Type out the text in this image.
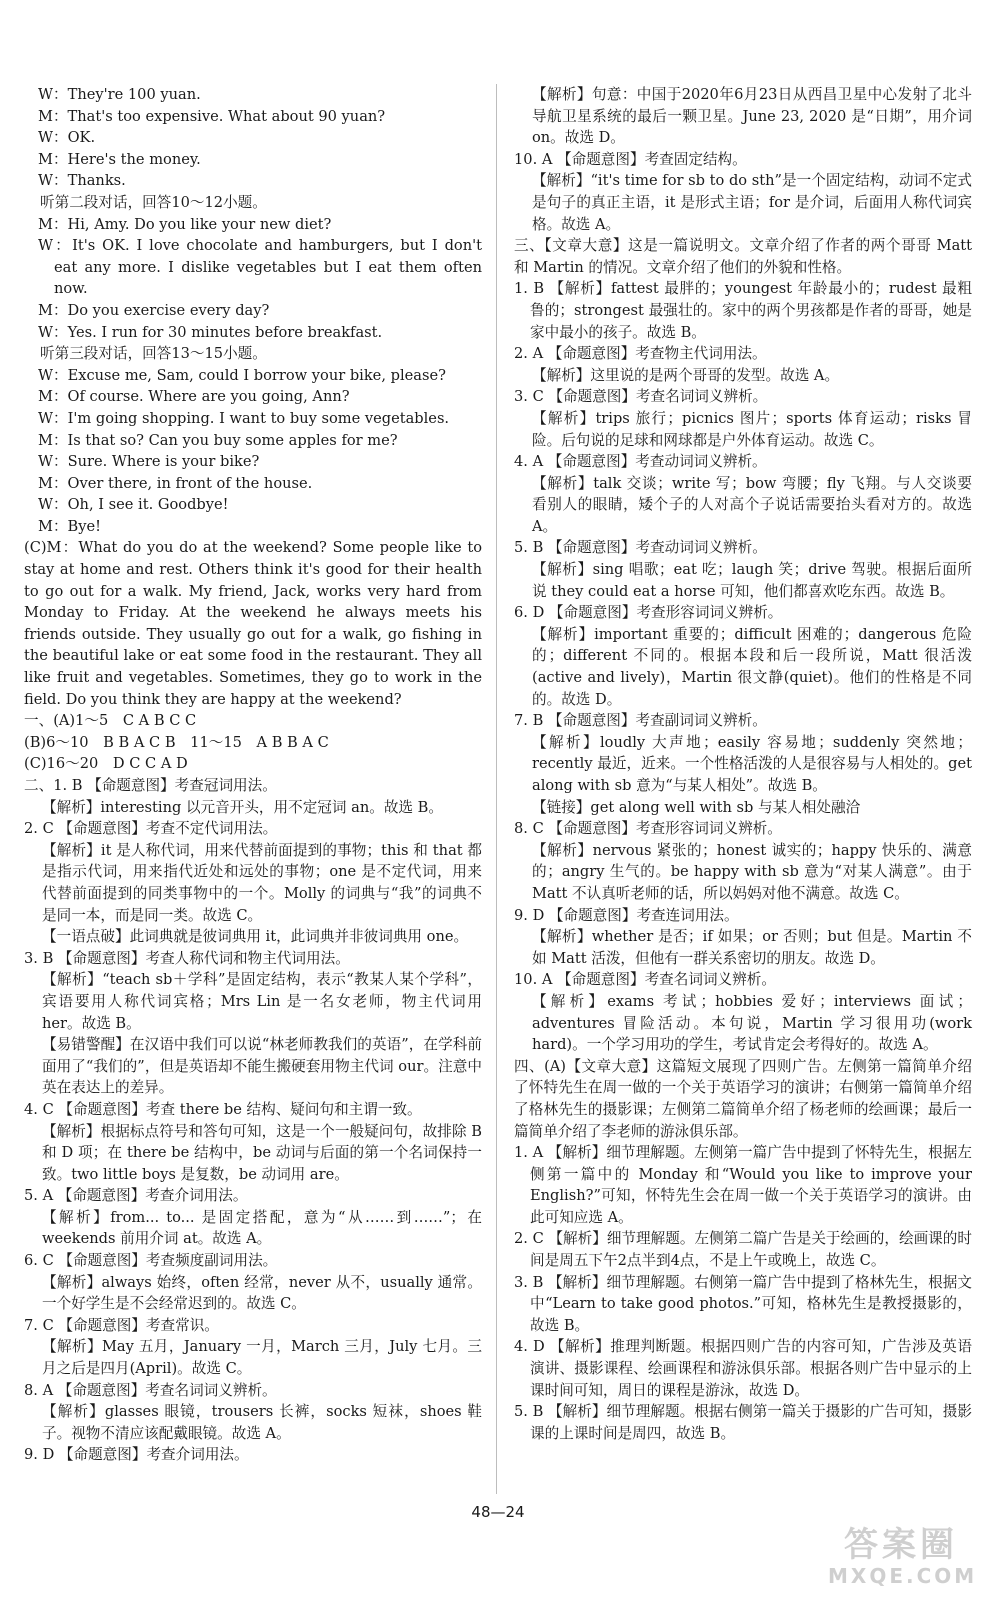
W：They're 100 yuan.

M：That's too expensive. What about 90 yuan?

W：OK.

M：Here's the money.

W：Thanks.

听第二段对话，回答10～12小题。

M：Hi, Amy. Do you like your new diet?

W：It's OK. I love chocolate and hamburgers, but I don't eat any more. I dislike vegetables but I eat them often now.

M：Do you exercise every day?

W：Yes. I run for 30 minutes before breakfast.

听第三段对话，回答13～15小题。

W：Excuse me, Sam, could I borrow your bike, please?

M：Of course. Where are you going, Ann?

W：I'm going shopping. I want to buy some vegetables.

M：Is that so? Can you buy some apples for me?

W：Sure. Where is your bike?

M：Over there, in front of the house.

W：Oh, I see it. Goodbye!

M：Bye!

(C)M：What do you do at the weekend? Some people like to stay at home and rest. Others think it's good for their health to go out for a walk. My friend, Jack, works very hard from Monday to Friday. At the weekend he always meets his friends outside. They usually go out for a walk, go fishing in the beautiful lake or eat some food in the restaurant. They all like fruit and vegetables. Sometimes, they go to work in the field. Do you think they are happy at the weekend?

一、(A)1～5　C A B C C

(B)6～10　B B A C B　11～15　A B B A C

(C)16～20　D C C A D

二、1. B 【命题意图】考查冠词用法。

【解析】interesting 以元音开头，用不定冠词 an。故选 B。

2. C 【命题意图】考查不定代词用法。

【解析】it 是人称代词，用来代替前面提到的事物；this 和 that 都是指示代词，用来指代近处和远处的事物；one 是不定代词，用来代替前面提到的同类事物中的一个。Molly 的词典与“我”的词典不是同一本，而是同一类。故选 C。

【一语点破】此词典就是彼词典用 it，此词典并非彼词典用 one。

3. B 【命题意图】考查人称代词和物主代词用法。

【解析】“teach sb＋学科”是固定结构，表示“教某人某个学科”，宾语要用人称代词宾格；Mrs Lin 是一名女老师，物主代词用 her。故选 B。

【易错警醒】在汉语中我们可以说“林老师教我们的英语”，在学科前面用了“我们的”，但是英语却不能生搬硬套用物主代词 our。注意中英在表达上的差异。

4. C 【命题意图】考查 there be 结构、疑问句和主谓一致。

【解析】根据标点符号和答句可知，这是一个一般疑问句，故排除 B 和 D 项；在 there be 结构中，be 动词与后面的第一个名词保持一致。two little boys 是复数，be 动词用 are。

5. A 【命题意图】考查介词用法。

【解析】from... to... 是固定搭配，意为“从……到……”；在 weekends 前用介词 at。故选 A。

6. C 【命题意图】考查频度副词用法。

【解析】always 始终，often 经常，never 从不，usually 通常。一个好学生是不会经常迟到的。故选 C。

7. C 【命题意图】考查常识。

【解析】May 五月，January 一月，March 三月，July 七月。三月之后是四月(April)。故选 C。

8. A 【命题意图】考查名词词义辨析。

【解析】glasses 眼镜，trousers 长裤，socks 短袜，shoes 鞋子。视物不清应该配戴眼镜。故选 A。

9. D 【命题意图】考查介词用法。

【解析】句意：中国于2020年6月23日从西昌卫星中心发射了北斗导航卫星系统的最后一颗卫星。June 23, 2020 是“日期”，用介词 on。故选 D。

10. A 【命题意图】考查固定结构。

【解析】“it's time for sb to do sth”是一个固定结构，动词不定式是句子的真正主语，it 是形式主语；for 是介词，后面用人称代词宾格。故选 A。

三、【文章大意】这是一篇说明文。文章介绍了作者的两个哥哥 Matt 和 Martin 的情况。文章介绍了他们的外貌和性格。

1. B 【解析】fattest 最胖的；youngest 年龄最小的；rudest 最粗鲁的；strongest 最强壮的。家中的两个男孩都是作者的哥哥，她是家中最小的孩子。故选 B。

2. A 【命题意图】考查物主代词用法。

【解析】这里说的是两个哥哥的发型。故选 A。

3. C 【命题意图】考查名词词义辨析。

【解析】trips 旅行；picnics 图片；sports 体育运动；risks 冒险。后句说的足球和网球都是户外体育运动。故选 C。

4. A 【命题意图】考查动词词义辨析。

【解析】talk 交谈；write 写；bow 弯腰；fly 飞翔。与人交谈要看别人的眼睛，矮个子的人对高个子说话需要抬头看对方的。故选 A。

5. B 【命题意图】考查动词词义辨析。

【解析】sing 唱歌；eat 吃；laugh 笑；drive 驾驶。根据后面所说 they could eat a horse 可知，他们都喜欢吃东西。故选 B。

6. D 【命题意图】考查形容词词义辨析。

【解析】important 重要的；difficult 困难的；dangerous 危险的；different 不同的。根据本段和后一段所说，Matt 很活泼(active and lively)，Martin 很文静(quiet)。他们的性格是不同的。故选 D。

7. B 【命题意图】考查副词词义辨析。

【解析】loudly 大声地；easily 容易地；suddenly 突然地；recently 最近，近来。一个性格活泼的人是很容易与人相处的。get along with sb 意为“与某人相处”。故选 B。

【链接】get along well with sb 与某人相处融洽

8. C 【命题意图】考查形容词词义辨析。

【解析】nervous 紧张的；honest 诚实的；happy 快乐的、满意的；angry 生气的。be happy with sb 意为“对某人满意”。由于 Matt 不认真听老师的话，所以妈妈对他不满意。故选 C。

9. D 【命题意图】考查连词用法。

【解析】whether 是否；if 如果；or 否则；but 但是。Martin 不如 Matt 活泼，但他有一群关系密切的朋友。故选 D。

10. A 【命题意图】考查名词词义辨析。

【解析】exams 考试；hobbies 爱好；interviews 面试；adventures 冒险活动。本句说，Martin 学习很用功(work hard)。一个学习用功的学生，考试肯定会考得好的。故选 A。

四、(A)【文章大意】这篇短文展现了四则广告。左侧第一篇简单介绍了怀特先生在周一做的一个关于英语学习的演讲；右侧第一篇简单介绍了格林先生的摄影课；左侧第二篇简单介绍了杨老师的绘画课；最后一篇简单介绍了李老师的游泳俱乐部。

1. A 【解析】细节理解题。左侧第一篇广告中提到了怀特先生，根据左侧第一篇中的 Monday 和“Would you like to improve your English?”可知，怀特先生会在周一做一个关于英语学习的演讲。由此可知应选 A。

2. C 【解析】细节理解题。左侧第二篇广告是关于绘画的，绘画课的时间是周五下午2点半到4点，不是上午或晚上，故选 C。

3. B 【解析】细节理解题。右侧第一篇广告中提到了格林先生，根据文中“Learn to take good photos.”可知，格林先生是教授摄影的，故选 B。

4. D 【解析】推理判断题。根据四则广告的内容可知，广告涉及英语演讲、摄影课程、绘画课程和游泳俱乐部。根据各则广告中显示的上课时间可知，周日的课程是游泳，故选 D。

5. B 【解析】细节理解题。根据右侧第一篇关于摄影的广告可知，摄影课的上课时间是周四，故选 B。

48—24
答案圈
MXQE.COM
